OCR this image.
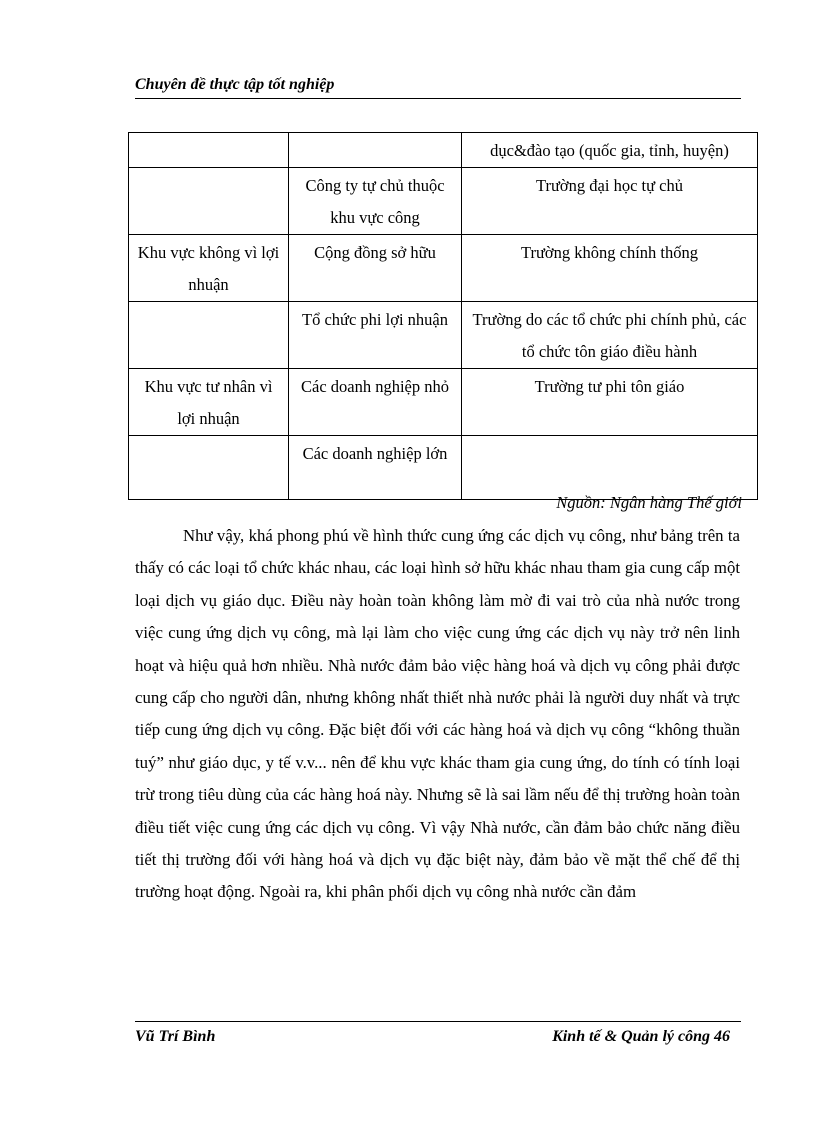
Chuyên đề thực tập tốt nghiệp
		dục&đào tạo (quốc gia, tỉnh, huyện)
	Công ty tự chủ thuộc khu vực công	Trường đại học tự chủ
Khu vực không vì lợi nhuận	Cộng đồng sở hữu	Trường không chính thống
	Tổ chức phi lợi nhuận	Trường do các tổ chức phi chính phủ, các tổ chức tôn giáo điều hành
Khu vực tư nhân vì lợi nhuận	Các doanh nghiệp nhỏ	Trường tư phi tôn giáo
	Các doanh nghiệp lớn	
Nguồn: Ngân hàng Thế giới
Như vậy, khá phong phú về hình thức cung ứng các dịch vụ công, như bảng trên ta thấy có các loại tổ chức khác nhau, các loại hình sở hữu khác nhau tham gia cung cấp một loại dịch vụ giáo dục. Điều này hoàn toàn không làm mờ đi vai trò của nhà nước trong việc cung ứng dịch vụ công, mà lại làm cho việc cung ứng các dịch vụ này trở nên linh hoạt và hiệu quả hơn nhiều. Nhà nước đảm bảo việc hàng hoá và dịch vụ công phải được cung cấp cho người dân, nhưng không nhất thiết nhà nước phải là người duy nhất và trực tiếp cung ứng dịch vụ công. Đặc biệt đối với các hàng hoá và dịch vụ công “không thuần tuý” như giáo dục, y tế v.v... nên để khu vực khác tham gia cung ứng, do tính có tính loại trừ trong tiêu dùng của các hàng hoá này. Nhưng sẽ là sai lầm nếu để thị trường hoàn toàn điều tiết việc cung ứng các dịch vụ công. Vì vậy Nhà nước, cần đảm bảo chức năng điều tiết thị trường đối với hàng hoá và dịch vụ đặc biệt này, đảm bảo về mặt thể chế để thị trường hoạt động. Ngoài ra, khi phân phối dịch vụ công nhà nước cần đảm
Vũ Trí Bình	Kinh tế & Quản lý công 46
